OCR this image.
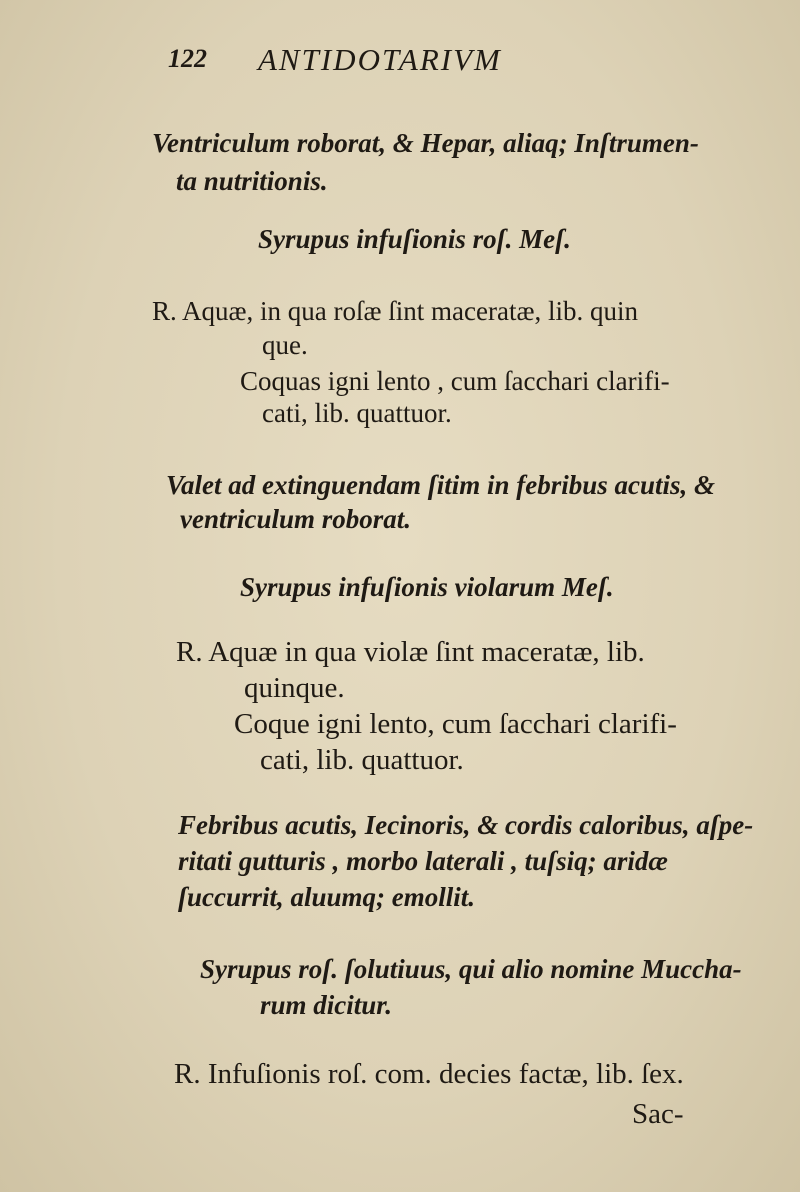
122 ANTIDOTARIVM
Ventriculum roborat, & Hepar, aliaq; Inſtrumen-
ta nutritionis.
Syrupus infuſionis roſ. Meſ.
R. Aquæ, in qua roſæ ſint maceratæ, lib. quin
que.
Coquas igni lento , cum ſacchari clarifi-
cati, lib. quattuor.
Valet ad extinguendam ſitim in febribus acutis, &
ventriculum roborat.
Syrupus infuſionis violarum Meſ.
R. Aquæ in qua violæ ſint maceratæ, lib.
quinque.
Coque igni lento, cum ſacchari clarifi-
cati, lib. quattuor.
Febribus acutis, Iecinoris, & cordis caloribus, aſpe-
ritati gutturis , morbo laterali , tuſsiq; aridæ
ſuccurrit, aluumq; emollit.
Syrupus roſ. ſolutiuus, qui alio nomine Muccha-
rum dicitur.
R. Infuſionis roſ. com. decies factæ, lib. ſex.
Sac-
